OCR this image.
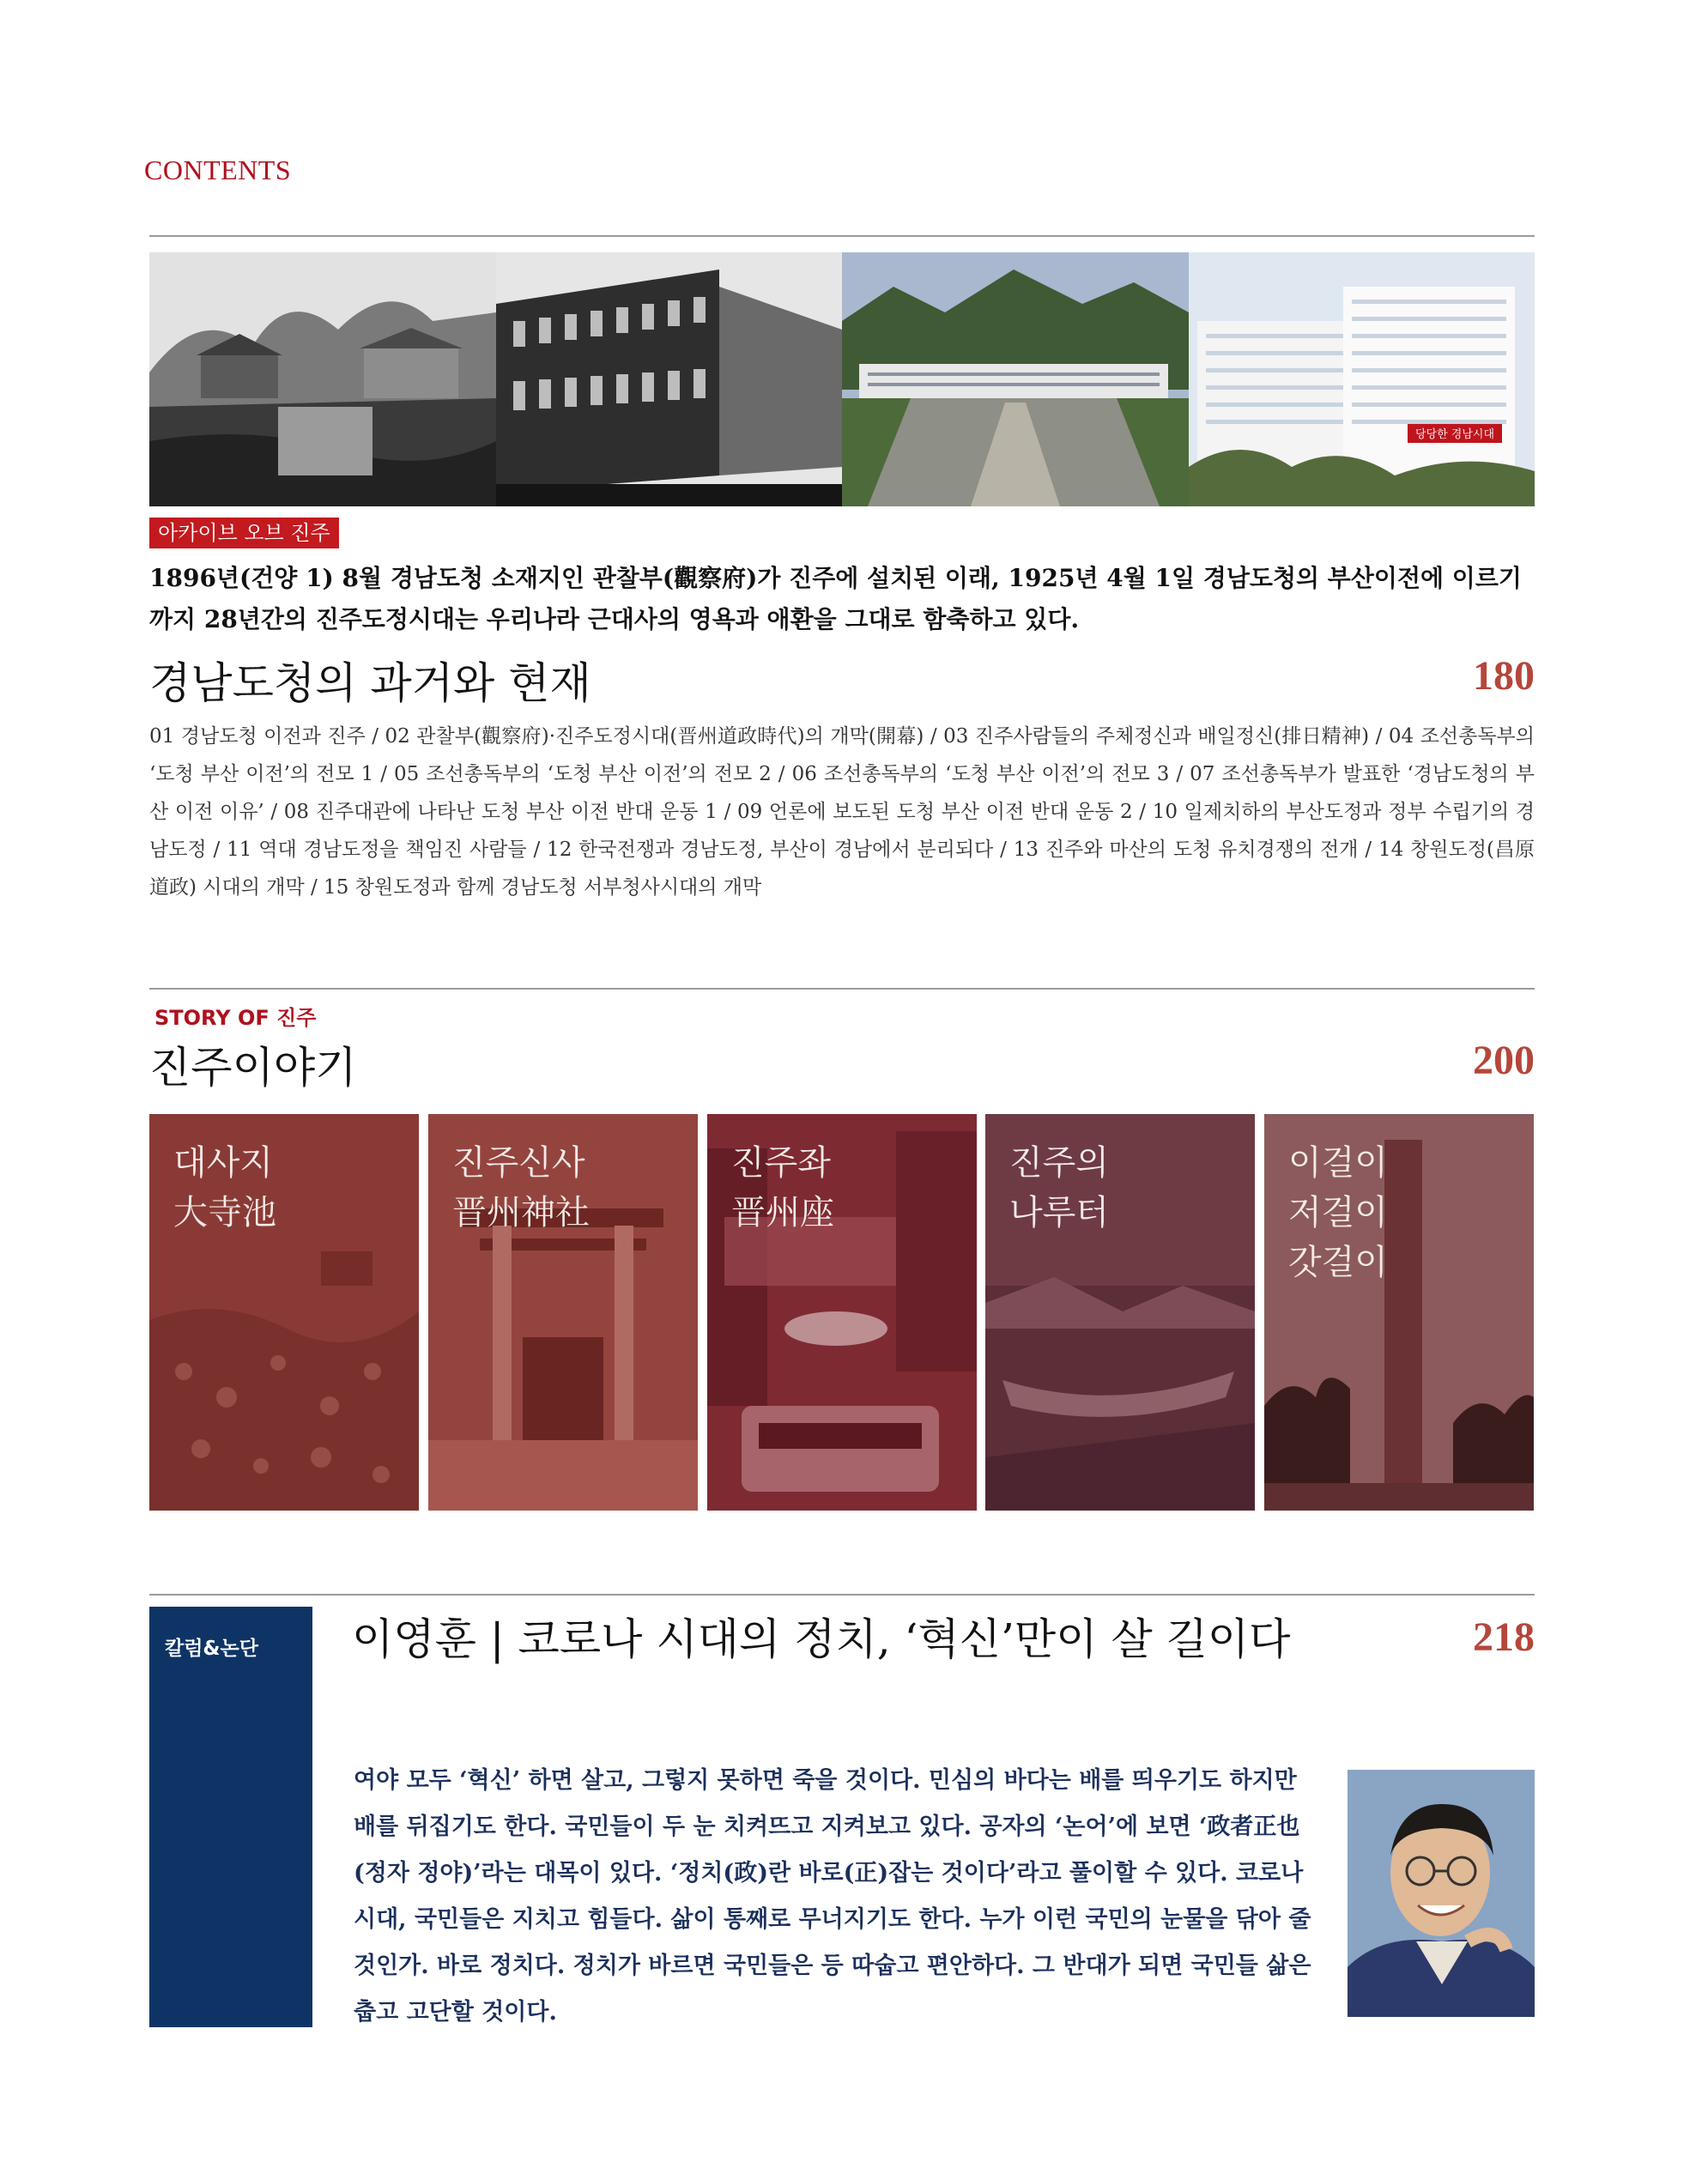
CONTENTS
당당한 경남시대
아카이브 오브 진주
1896년(건양 1) 8월 경남도청 소재지인 관찰부(觀察府)가 진주에 설치된 이래, 1925년 4월 1일 경남도청의 부산이전에 이르기 까지 28년간의 진주도정시대는 우리나라 근대사의 영욕과 애환을 그대로 함축하고 있다.
경남도청의 과거와 현재	180
01 경남도청 이전과 진주 / 02 관찰부(觀察府)·진주도정시대(晋州道政時代)의 개막(開幕) / 03 진주사람들의 주체정신과 배일정신(排日精神) / 04 조선총독부의 ‘도청 부산 이전’의 전모 1 / 05 조선총독부의 ‘도청 부산 이전’의 전모 2 / 06 조선총독부의 ‘도청 부산 이전’의 전모 3 / 07 조선총독부가 발표한 ‘경남도청의 부산 이전 이유’ / 08 진주대관에 나타난 도청 부산 이전 반대 운동 1 / 09 언론에 보도된 도청 부산 이전 반대 운동 2 / 10 일제치하의 부산도정과 정부 수립기의 경남도정 / 11 역대 경남도정을 책임진 사람들 / 12 한국전쟁과 경남도정, 부산이 경남에서 분리되다 / 13 진주와 마산의 도청 유치경쟁의 전개 / 14 창원도정(昌原道政) 시대의 개막 / 15 창원도정과 함께 경남도청 서부청사시대의 개막
STORY OF 진주
진주이야기	200
대사지
大寺池
진주신사
晋州神社
진주좌
晋州座
진주의
나루터
이걸이
저걸이
갓걸이
칼럼&논단 이영훈 | 코로나 시대의 정치, ‘혁신’만이 살 길이다	218
여야 모두 ‘혁신’ 하면 살고, 그렇지 못하면 죽을 것이다. 민심의 바다는 배를 띄우기도 하지만 배를 뒤집기도 한다. 국민들이 두 눈 치켜뜨고 지켜보고 있다. 공자의 ‘논어’에 보면 ‘政者正也(정자 정야)’라는 대목이 있다. ‘정치(政)란 바로(正)잡는 것이다’라고 풀이할 수 있다. 코로나 시대, 국민들은 지치고 힘들다. 삶이 통째로 무너지기도 한다. 누가 이런 국민의 눈물을 닦아 줄 것인가. 바로 정치다. 정치가 바르면 국민들은 등 따숩고 편안하다. 그 반대가 되면 국민들 삶은 춥고 고단할 것이다.
